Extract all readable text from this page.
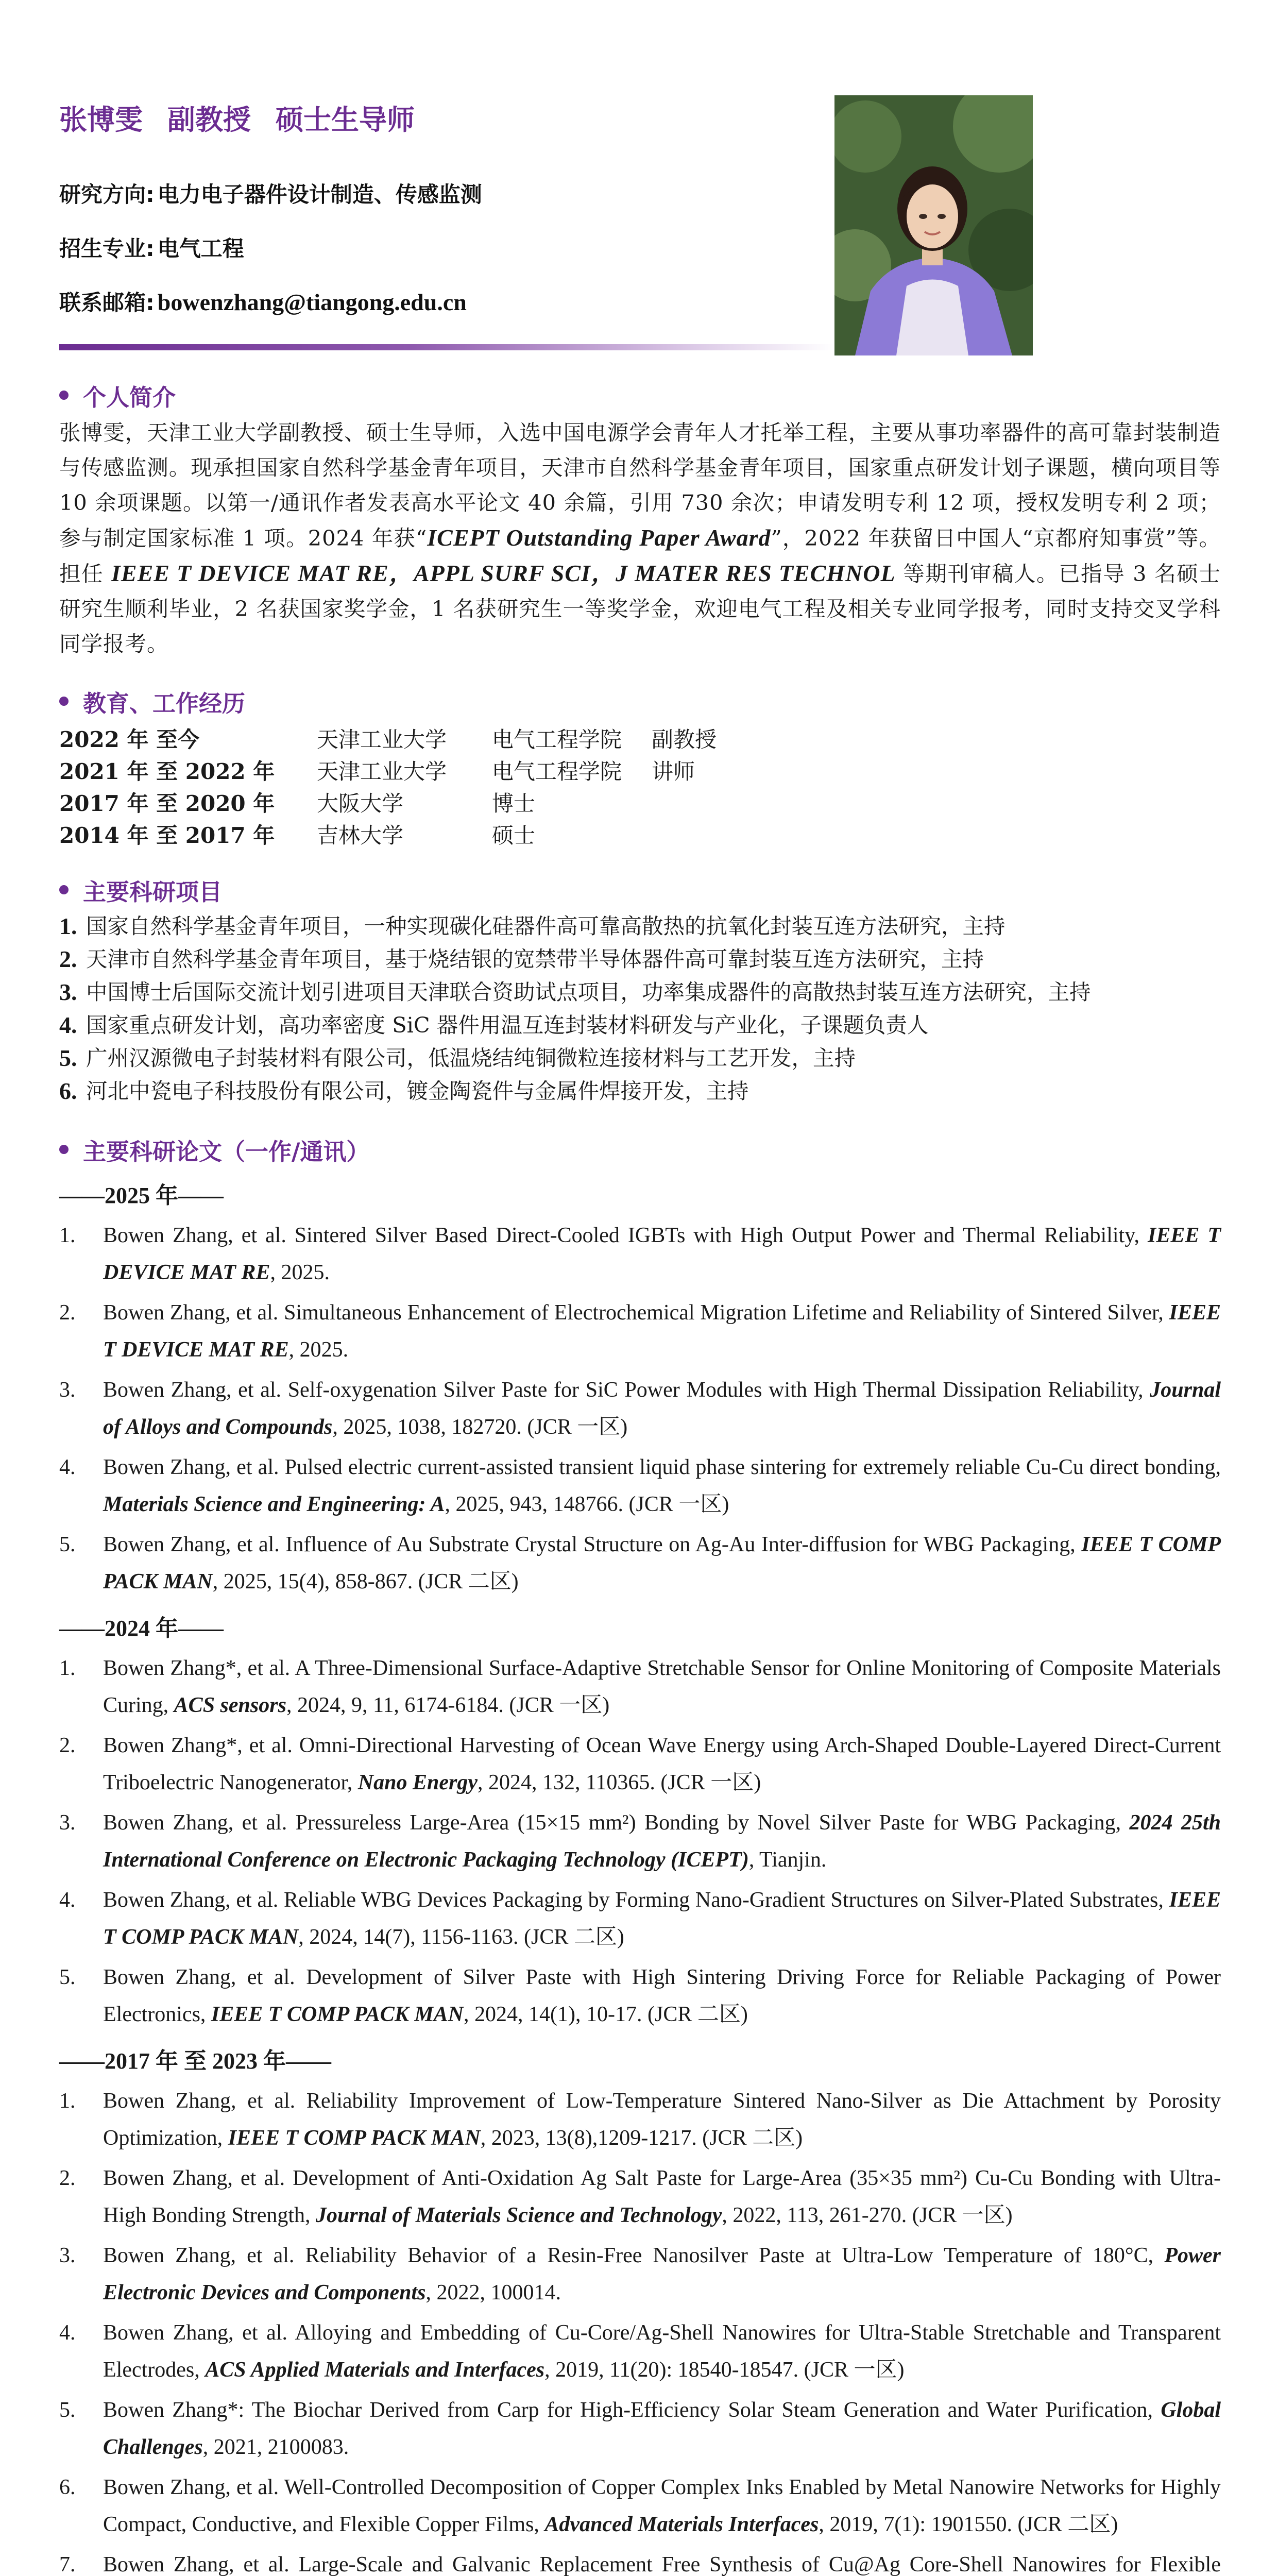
张博雯 副教授 硕士生导师
研究方向: 电力电子器件设计制造、传感监测
招生专业: 电气工程
联系邮箱: bowenzhang@tiangong.edu.cn
个人简介

张博雯，天津工业大学副教授、硕士生导师，入选中国电源学会青年人才托举工程，主要从事功率器件的高可靠封装制造与传感监测。现承担国家自然科学基金青年项目，天津市自然科学基金青年项目，国家重点研发计划子课题，横向项目等 10 余项课题。以第一/通讯作者发表高水平论文 40 余篇，引用 730 余次；申请发明专利 12 项，授权发明专利 2 项；参与制定国家标准 1 项。2024 年获“ICEPT Outstanding Paper Award”，2022 年获留日中国人“京都府知事赏”等。担任 IEEE T DEVICE MAT RE，APPL SURF SCI，J MATER RES TECHNOL 等期刊审稿人。已指导 3 名硕士研究生顺利毕业，2 名获国家奖学金，1 名获研究生一等奖学金，欢迎电气工程及相关专业同学报考，同时支持交叉学科同学报考。

教育、工作经历
2022 年 至今	天津工业大学	电气工程学院	副教授
2021 年 至 2022 年	天津工业大学	电气工程学院	讲师
2017 年 至 2020 年	大阪大学	博士
2014 年 至 2017 年	吉林大学	硕士
主要科研项目
1. 国家自然科学基金青年项目，一种实现碳化硅器件高可靠高散热的抗氧化封装互连方法研究，主持
2. 天津市自然科学基金青年项目，基于烧结银的宽禁带半导体器件高可靠封装互连方法研究，主持
3. 中国博士后国际交流计划引进项目天津联合资助试点项目，功率集成器件的高散热封装互连方法研究，主持
4. 国家重点研发计划，高功率密度 SiC 器件用温互连封装材料研发与产业化，子课题负责人
5. 广州汉源微电子封装材料有限公司，低温烧结纯铜微粒连接材料与工艺开发，主持
6. 河北中瓷电子科技股份有限公司，镀金陶瓷件与金属件焊接开发，主持
主要科研论文（一作/通讯）
——2025 年——
1.	Bowen Zhang, et al. Sintered Silver Based Direct-Cooled IGBTs with High Output Power and Thermal Reliability, IEEE T DEVICE MAT RE, 2025.
2.	Bowen Zhang, et al. Simultaneous Enhancement of Electrochemical Migration Lifetime and Reliability of Sintered Silver, IEEE T DEVICE MAT RE, 2025.
3.	Bowen Zhang, et al. Self-oxygenation Silver Paste for SiC Power Modules with High Thermal Dissipation Reliability, Journal of Alloys and Compounds, 2025, 1038, 182720. (JCR 一区)
4.	Bowen Zhang, et al. Pulsed electric current-assisted transient liquid phase sintering for extremely reliable Cu-Cu direct bonding, Materials Science and Engineering: A, 2025, 943, 148766. (JCR 一区)
5.	Bowen Zhang, et al. Influence of Au Substrate Crystal Structure on Ag-Au Inter-diffusion for WBG Packaging, IEEE T COMP PACK MAN, 2025, 15(4), 858-867. (JCR 二区)
——2024 年——
1.	Bowen Zhang*, et al. A Three-Dimensional Surface-Adaptive Stretchable Sensor for Online Monitoring of Composite Materials Curing, ACS sensors, 2024, 9, 11, 6174-6184. (JCR 一区)
2.	Bowen Zhang*, et al. Omni-Directional Harvesting of Ocean Wave Energy using Arch-Shaped Double-Layered Direct-Current Triboelectric Nanogenerator, Nano Energy, 2024, 132, 110365. (JCR 一区)
3.	Bowen Zhang, et al. Pressureless Large-Area (15×15 mm²) Bonding by Novel Silver Paste for WBG Packaging, 2024 25th International Conference on Electronic Packaging Technology (ICEPT), Tianjin.
4.	Bowen Zhang, et al. Reliable WBG Devices Packaging by Forming Nano-Gradient Structures on Silver-Plated Substrates, IEEE T COMP PACK MAN, 2024, 14(7), 1156-1163. (JCR 二区)
5.	Bowen Zhang, et al. Development of Silver Paste with High Sintering Driving Force for Reliable Packaging of Power Electronics, IEEE T COMP PACK MAN, 2024, 14(1), 10-17. (JCR 二区)
——2017 年 至 2023 年——
1.	Bowen Zhang, et al. Reliability Improvement of Low-Temperature Sintered Nano-Silver as Die Attachment by Porosity Optimization, IEEE T COMP PACK MAN, 2023, 13(8),1209-1217. (JCR 二区)
2.	Bowen Zhang, et al. Development of Anti-Oxidation Ag Salt Paste for Large-Area (35×35 mm²) Cu-Cu Bonding with Ultra-High Bonding Strength, Journal of Materials Science and Technology, 2022, 113, 261-270. (JCR 一区)
3.	Bowen Zhang, et al. Reliability Behavior of a Resin-Free Nanosilver Paste at Ultra-Low Temperature of 180°C, Power Electronic Devices and Components, 2022, 100014.
4.	Bowen Zhang, et al. Alloying and Embedding of Cu-Core/Ag-Shell Nanowires for Ultra-Stable Stretchable and Transparent Electrodes, ACS Applied Materials and Interfaces, 2019, 11(20): 18540-18547. (JCR 一区)
5.	Bowen Zhang*: The Biochar Derived from Carp for High-Efficiency Solar Steam Generation and Water Purification, Global Challenges, 2021, 2100083.
6.	Bowen Zhang, et al. Well-Controlled Decomposition of Copper Complex Inks Enabled by Metal Nanowire Networks for Highly Compact, Conductive, and Flexible Copper Films, Advanced Materials Interfaces, 2019, 7(1): 1901550. (JCR 二区)
7.	Bowen Zhang, et al. Large-Scale and Galvanic Replacement Free Synthesis of Cu@Ag Core-Shell Nanowires for Flexible
